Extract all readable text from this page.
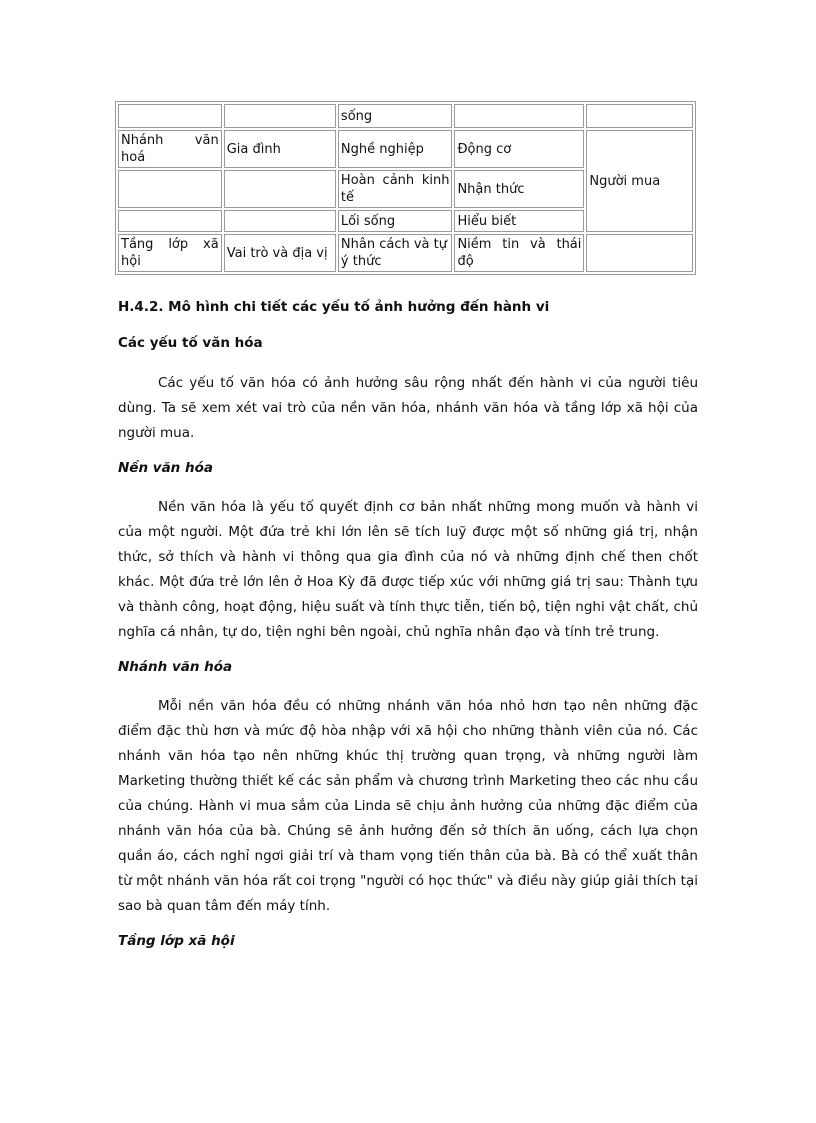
		sống		
Nhánh văn hoá	Gia đình	Nghề nghiệp	Động cơ	Người mua
		Hoàn cảnh kinh tế	Nhận thức	
		Lối sống	Hiểu biết	
Tầng lớp xã hội	Vai trò và địa vị	Nhân cách và tự ý thức	Niềm tin và thái độ	
H.4.2. Mô hình chi tiết các yếu tố ảnh hưởng đến hành vi
Các yếu tố văn hóa

Các yếu tố văn hóa có ảnh hưởng sâu rộng nhất đến hành vi của người tiêu dùng. Ta sẽ xem xét vai trò của nền văn hóa, nhánh văn hóa và tầng lớp xã hội của người mua.

Nền văn hóa

Nền văn hóa là yếu tố quyết định cơ bản nhất những mong muốn và hành vi của một người. Một đứa trẻ khi lớn lên sẽ tích luỹ được một số những giá trị, nhận thức, sở thích và hành vi thông qua gia đình của nó và những định chế then chốt khác. Một đứa trẻ lớn lên ở Hoa Kỳ đã được tiếp xúc với những giá trị sau: Thành tựu và thành công, hoạt động, hiệu suất và tính thực tiễn, tiến bộ, tiện nghi vật chất, chủ nghĩa cá nhân, tự do, tiện nghi bên ngoài, chủ nghĩa nhân đạo và tính trẻ trung.

Nhánh văn hóa

Mỗi nền văn hóa đều có những nhánh văn hóa nhỏ hơn tạo nên những đặc điểm đặc thù hơn và mức độ hòa nhập với xã hội cho những thành viên của nó. Các nhánh văn hóa tạo nên những khúc thị trường quan trọng, và những người làm Marketing thường thiết kế các sản phẩm và chương trình Marketing theo các nhu cầu của chúng. Hành vi mua sắm của Linda sẽ chịu ảnh hưởng của những đặc điểm của nhánh văn hóa của bà. Chúng sẽ ảnh hưởng đến sở thích ăn uống, cách lựa chọn quần áo, cách nghỉ ngơi giải trí và tham vọng tiến thân của bà. Bà có thể xuất thân từ một nhánh văn hóa rất coi trọng "người có học thức" và điều này giúp giải thích tại sao bà quan tâm đến máy tính.

Tầng lớp xã hội
